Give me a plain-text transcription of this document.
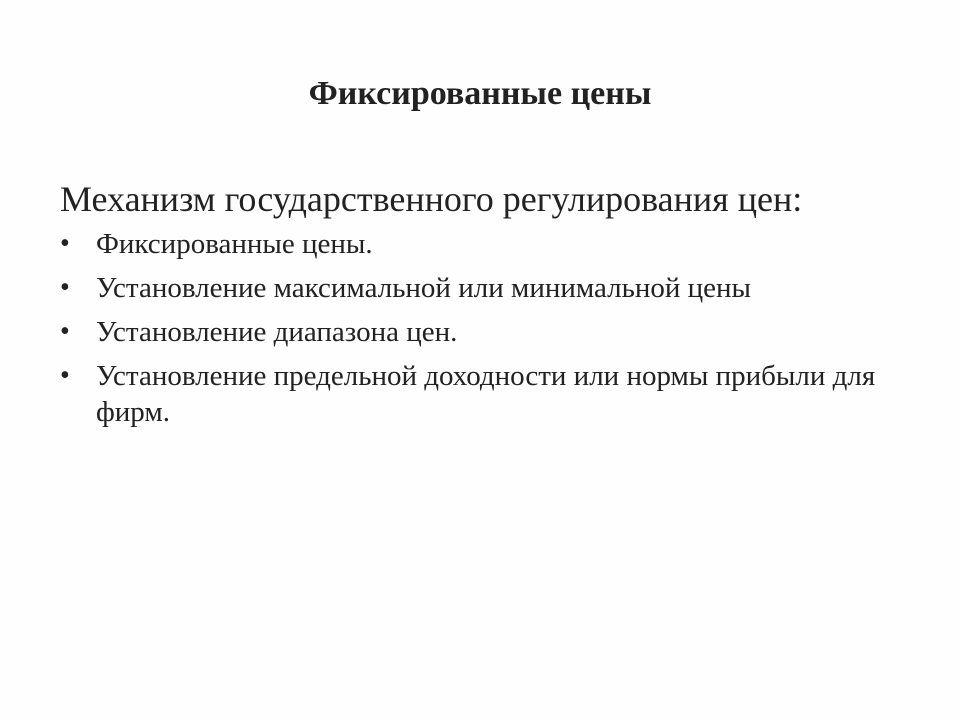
Фиксированные цены
Механизм государственного регулирования цен:
• Фиксированные цены.
• Установление максимальной или минимальной цены
• Установление диапазона цен.
• Установление предельной доходности или нормы прибыли для фирм.
